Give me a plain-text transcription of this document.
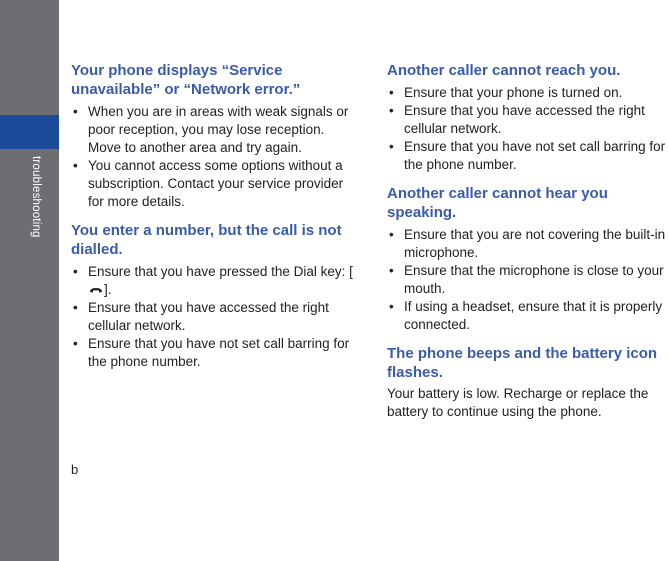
troubleshooting
Your phone displays “Service unavailable” or “Network error.”
• When you are in areas with weak signals or poor reception, you may lose reception. Move to another area and try again.
• You cannot access some options without a subscription. Contact your service provider for more details.
You enter a number, but the call is not dialled.
• Ensure that you have pressed the Dial key: [].
• Ensure that you have accessed the right cellular network.
• Ensure that you have not set call barring for the phone number.
Another caller cannot reach you.
• Ensure that your phone is turned on.
• Ensure that you have accessed the right cellular network.
• Ensure that you have not set call barring for the phone number.
Another caller cannot hear you speaking.
• Ensure that you are not covering the built-in microphone.
• Ensure that the microphone is close to your mouth.
• If using a headset, ensure that it is properly connected.
The phone beeps and the battery icon flashes.

Your battery is low. Recharge or replace the battery to continue using the phone.

b
